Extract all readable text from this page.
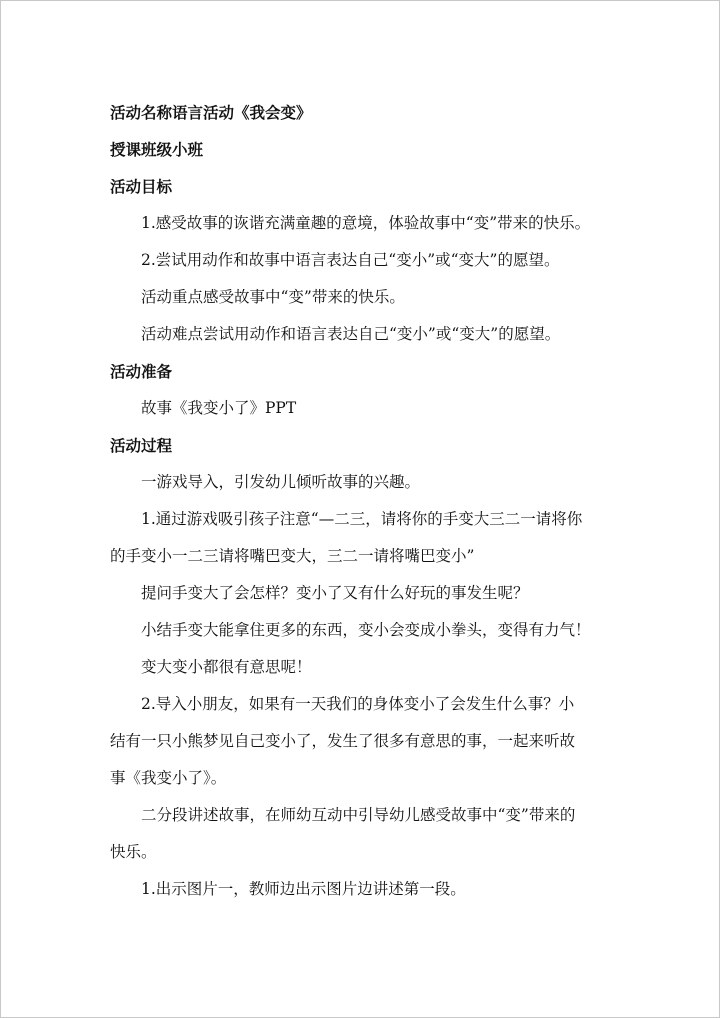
活动名称语言活动《我会变》
授课班级小班
活动目标
1.感受故事的诙谐充满童趣的意境，体验故事中“变”带来的快乐。
2.尝试用动作和故事中语言表达自己“变小”或“变大”的愿望。
活动重点感受故事中“变”带来的快乐。
活动难点尝试用动作和语言表达自己“变小”或“变大”的愿望。
活动准备
故事《我变小了》PPT
活动过程
一游戏导入，引发幼儿倾听故事的兴趣。
1.通过游戏吸引孩子注意“—二三，请将你的手变大三二一请将你
的手变小一二三请将嘴巴变大，三二一请将嘴巴变小”
提问手变大了会怎样？变小了又有什么好玩的事发生呢？
小结手变大能拿住更多的东西，变小会变成小拳头，变得有力气！
变大变小都很有意思呢！
2.导入小朋友，如果有一天我们的身体变小了会发生什么事？小
结有一只小熊梦见自己变小了，发生了很多有意思的事，一起来听故
事《我变小了》。
二分段讲述故事，在师幼互动中引导幼儿感受故事中“变”带来的
快乐。
1.出示图片一，教师边出示图片边讲述第一段。
